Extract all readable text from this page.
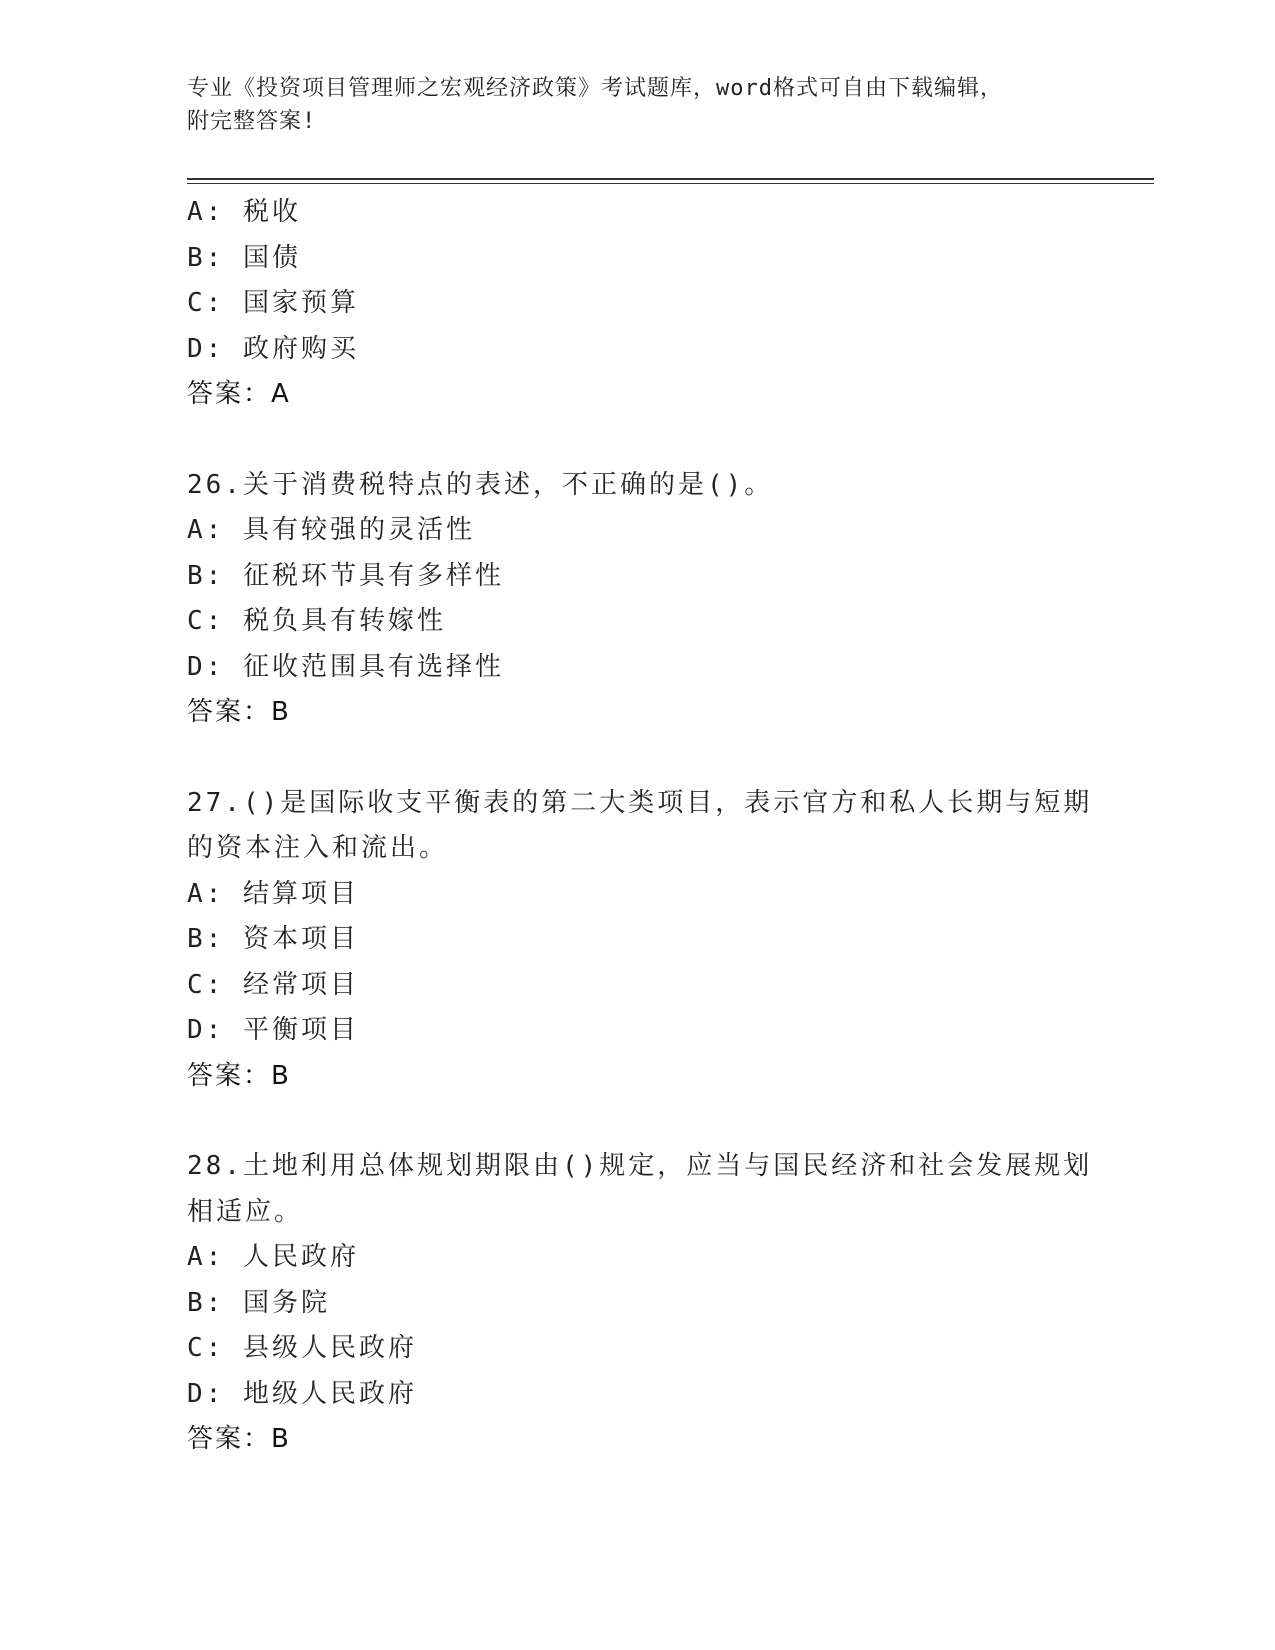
专业《投资项目管理师之宏观经济政策》考试题库，word格式可自由下载编辑，
附完整答案!
A: 税收
B: 国债
C: 国家预算
D: 政府购买
答案：A
26.关于消费税特点的表述，不正确的是()。
A: 具有较强的灵活性
B: 征税环节具有多样性
C: 税负具有转嫁性
D: 征收范围具有选择性
答案：B
27.()是国际收支平衡表的第二大类项目，表示官方和私人长期与短期
的资本注入和流出。
A: 结算项目
B: 资本项目
C: 经常项目
D: 平衡项目
答案：B
28.土地利用总体规划期限由()规定，应当与国民经济和社会发展规划
相适应。
A: 人民政府
B: 国务院
C: 县级人民政府
D: 地级人民政府
答案：B
